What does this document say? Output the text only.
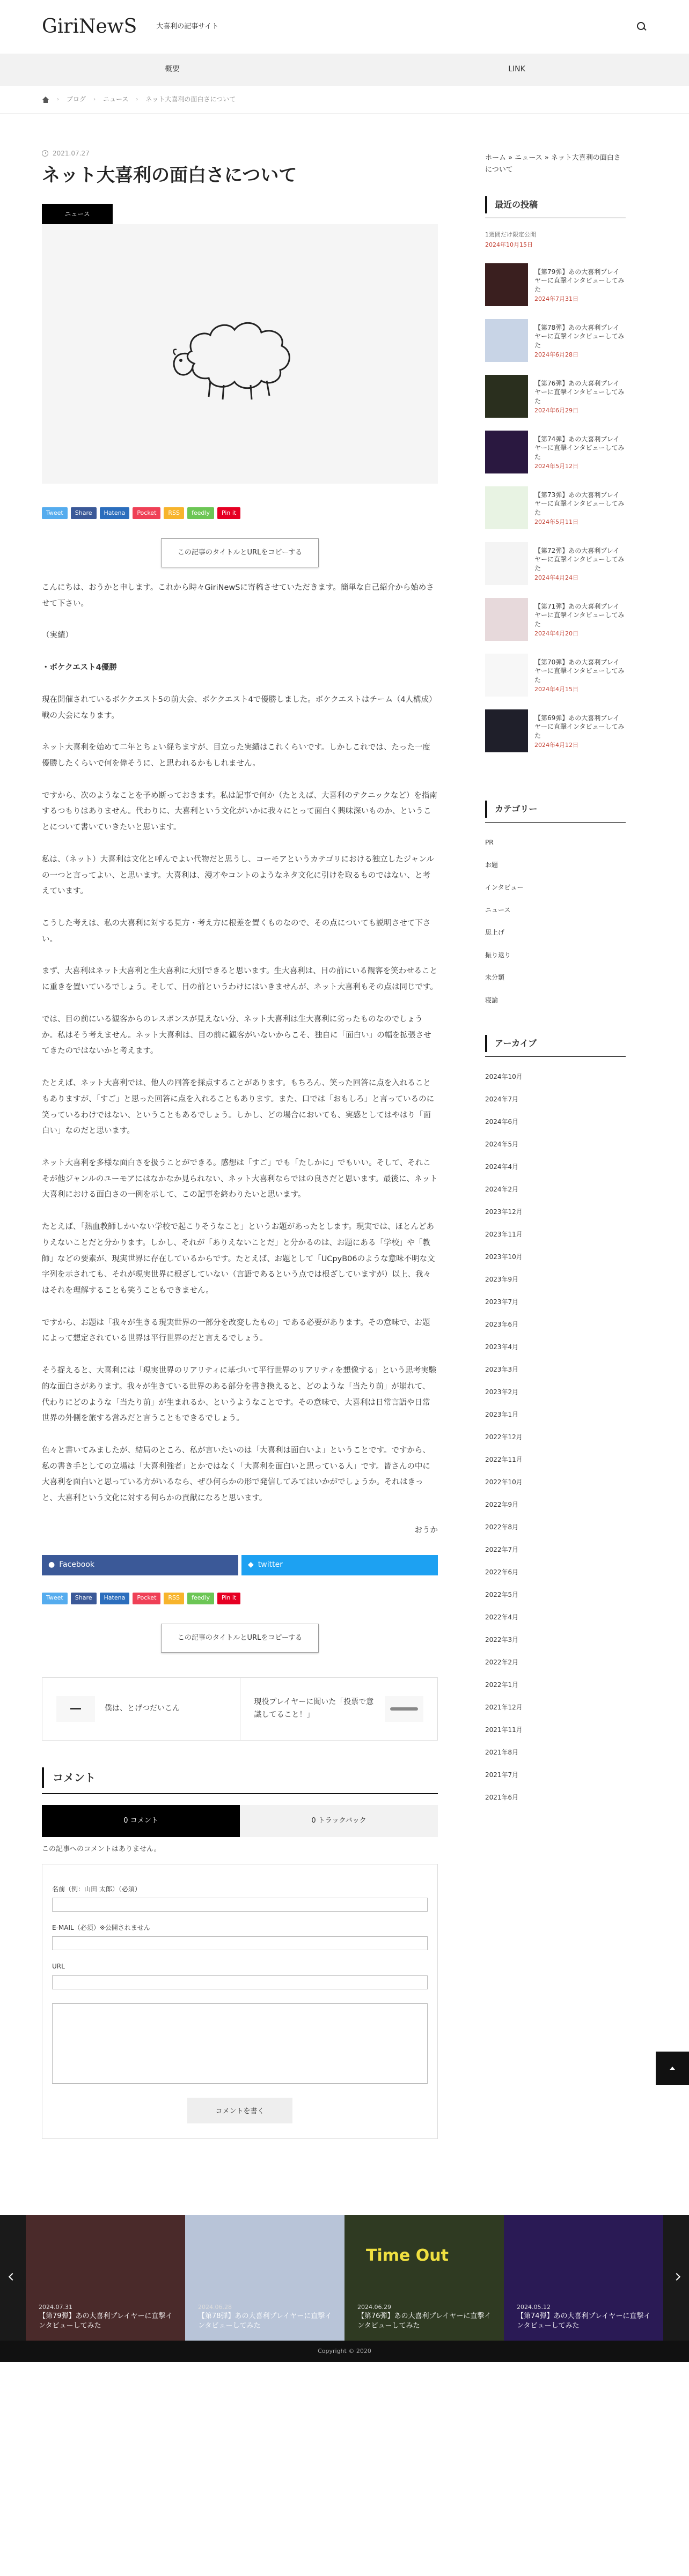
GiriNewS	大喜利の記事サイト
概要	LINK
› ブログ › ニュース › ネット大喜利の面白さについて
2021.07.27
ネット大喜利の面白さについて
ニュース
Tweet	Share	Hatena	Pocket	RSS	feedly	Pin it
この記事のタイトルとURLをコピーする

こんにちは、おうかと申します。これから時々GiriNewSに寄稿させていただきます。簡単な自己紹介から始めさせて下さい。

（実績）

・ボケクエスト4優勝

現在開催されているボケクエスト5の前大会、ボケクエスト4で優勝しました。ボケクエストはチーム（4人構成）戦の大会になります。

ネット大喜利を始めて二年とちょい経ちますが、目立った実績はこれくらいです。しかしこれでは、たった一度優勝したくらいで何を偉そうに、と思われるかもしれません。

ですから、次のようなことを予め断っておきます。私は記事で何か（たとえば、大喜利のテクニックなど）を指南するつもりはありません。代わりに、大喜利という文化がいかに我々にとって面白く興味深いものか、ということについて書いていきたいと思います。

私は、（ネット）大喜利は文化と呼んでよい代物だと思うし、コーモアというカテゴリにおける独立したジャンルの一つと言ってよい、と思います。大喜利は、漫才やコントのようなネタ文化に引けを取るものではない、と考えています。

こうした考えは、私の大喜利に対する見方・考え方に根差を置くものなので、その点についても説明させて下さい。

まず、大喜利はネット大喜利と生大喜利に大別できると思います。生大喜利は、目の前にいる観客を笑わせることに重きを置いているでしょう。そして、目の前というわけにはいきませんが、ネット大喜利もその点は同じです。

では、目の前にいる観客からのレスポンスが見えない分、ネット大喜利は生大喜利に劣ったものなのでしょうか。私はそう考えません。ネット大喜利は、目の前に観客がいないからこそ、独自に「面白い」の幅を拡張させてきたのではないかと考えます。

たとえば、ネット大喜利では、他人の回答を採点することがあります。もちろん、笑った回答に点を入れることもありますが、「すご」と思った回答に点を入れることもあります。また、口では「おもしろ」と言っているのに笑っているわけではない、ということもあるでしょう。しかし、どの場合においても、実感としてはやはり「面白い」なのだと思います。

ネット大喜利を多様な面白さを扱うことができる。感想は「すご」でも「たしかに」でもいい。そして、それこそが他ジャンルのユーモアにはなかなか見られない、ネット大喜利ならではの良さだと思います。最後に、ネット大喜利における面白さの一例を示して、この記事を終わりたいと思います。

たとえば、「熱血教師しかいない学校で起こりそうなこと」というお題があったとします。現実では、ほとんどありえないことだと分かります。しかし、それが「ありえないことだ」と分かるのは、お題にある「学校」や「教師」などの要素が、現実世界に存在しているからです。たとえば、お題として「UCpyB06のような意味不明な文字列を示されても、それが現実世界に根ざしていない（言語であるという点では根ざしていますが）以上、我々はそれを理解することも笑うこともできません。

ですから、お題は「我々が生きる現実世界の一部分を改変したもの」である必要があります。その意味で、お題によって想定されている世界は平行世界のだと言えるでしょう。

そう捉えると、大喜利には「現実世界のリアリティに基づいて平行世界のリアリティを想像する」という思考実験的な面白さがあります。我々が生きている世界のある部分を書き換えると、どのような「当たり前」が崩れて、代わりにどのような「当たり前」が生まれるか、というようなことです。その意味で、大喜利は日常言語や日常世界の外側を旅する営みだと言うこともできるでしょう。

色々と書いてみましたが、結局のところ、私が言いたいのは「大喜利は面白いよ」ということです。ですから、私の書き手としての立場は「大喜利強者」とかではなく「大喜利を面白いと思っている人」です。皆さんの中に大喜利を面白いと思っている方がいるなら、ぜひ何らかの形で発信してみてはいかがでしょうか。それはきっと、大喜利という文化に対する何らかの貢献になると思います。

おうか

● Facebook	◆ twitter
Tweet	Share	Hatena	Pocket	RSS	feedly	Pin it
この記事のタイトルとURLをコピーする
僕は、とげつだいこん
現役プレイヤーに聞いた「投票で意識してること！」
コメント
0 コメント	0 トラックバック

この記事へのコメントはありません。

名前（例：山田 太郎）（必須）
E-MAIL（必須）※公開されません
URL
コメントを書く
ホーム » ニュース » ネット大喜利の面白さについて
最近の投稿
1週間だけ限定公開
2024年10月15日
【第79弾】あの大喜利プレイヤーに直撃インタビューしてみた
2024年7月31日
【第78弾】あの大喜利プレイヤーに直撃インタビューしてみた
2024年6月28日
【第76弾】あの大喜利プレイヤーに直撃インタビューしてみた
2024年6月29日
【第74弾】あの大喜利プレイヤーに直撃インタビューしてみた
2024年5月12日
【第73弾】あの大喜利プレイヤーに直撃インタビューしてみた
2024年5月11日
【第72弾】あの大喜利プレイヤーに直撃インタビューしてみた
2024年4月24日
【第71弾】あの大喜利プレイヤーに直撃インタビューしてみた
2024年4月20日
【第70弾】あの大喜利プレイヤーに直撃インタビューしてみた
2024年4月15日
【第69弾】あの大喜利プレイヤーに直撃インタビューしてみた
2024年4月12日
カテゴリー
PR
お題
インタビュー
ニュース
思上げ
振り返り
未分類
寝論
アーカイブ
2024年10月
2024年7月
2024年6月
2024年5月
2024年4月
2024年2月
2023年12月
2023年11月
2023年10月
2023年9月
2023年7月
2023年6月
2023年4月
2023年3月
2023年2月
2023年1月
2022年12月
2022年11月
2022年10月
2022年9月
2022年8月
2022年7月
2022年6月
2022年5月
2022年4月
2022年3月
2022年2月
2022年1月
2021年12月
2021年11月
2021年8月
2021年7月
2021年6月
2024.07.31
【第79弾】あの大喜利プレイヤーに直撃インタビューしてみた
2024.06.28
【第78弾】あの大喜利プレイヤーに直撃インタビューしてみた
Time Out
2024.06.29
【第76弾】あの大喜利プレイヤーに直撃インタビューしてみた
2024.05.12
【第74弾】あの大喜利プレイヤーに直撃インタビューしてみた
Copyright © 2020
